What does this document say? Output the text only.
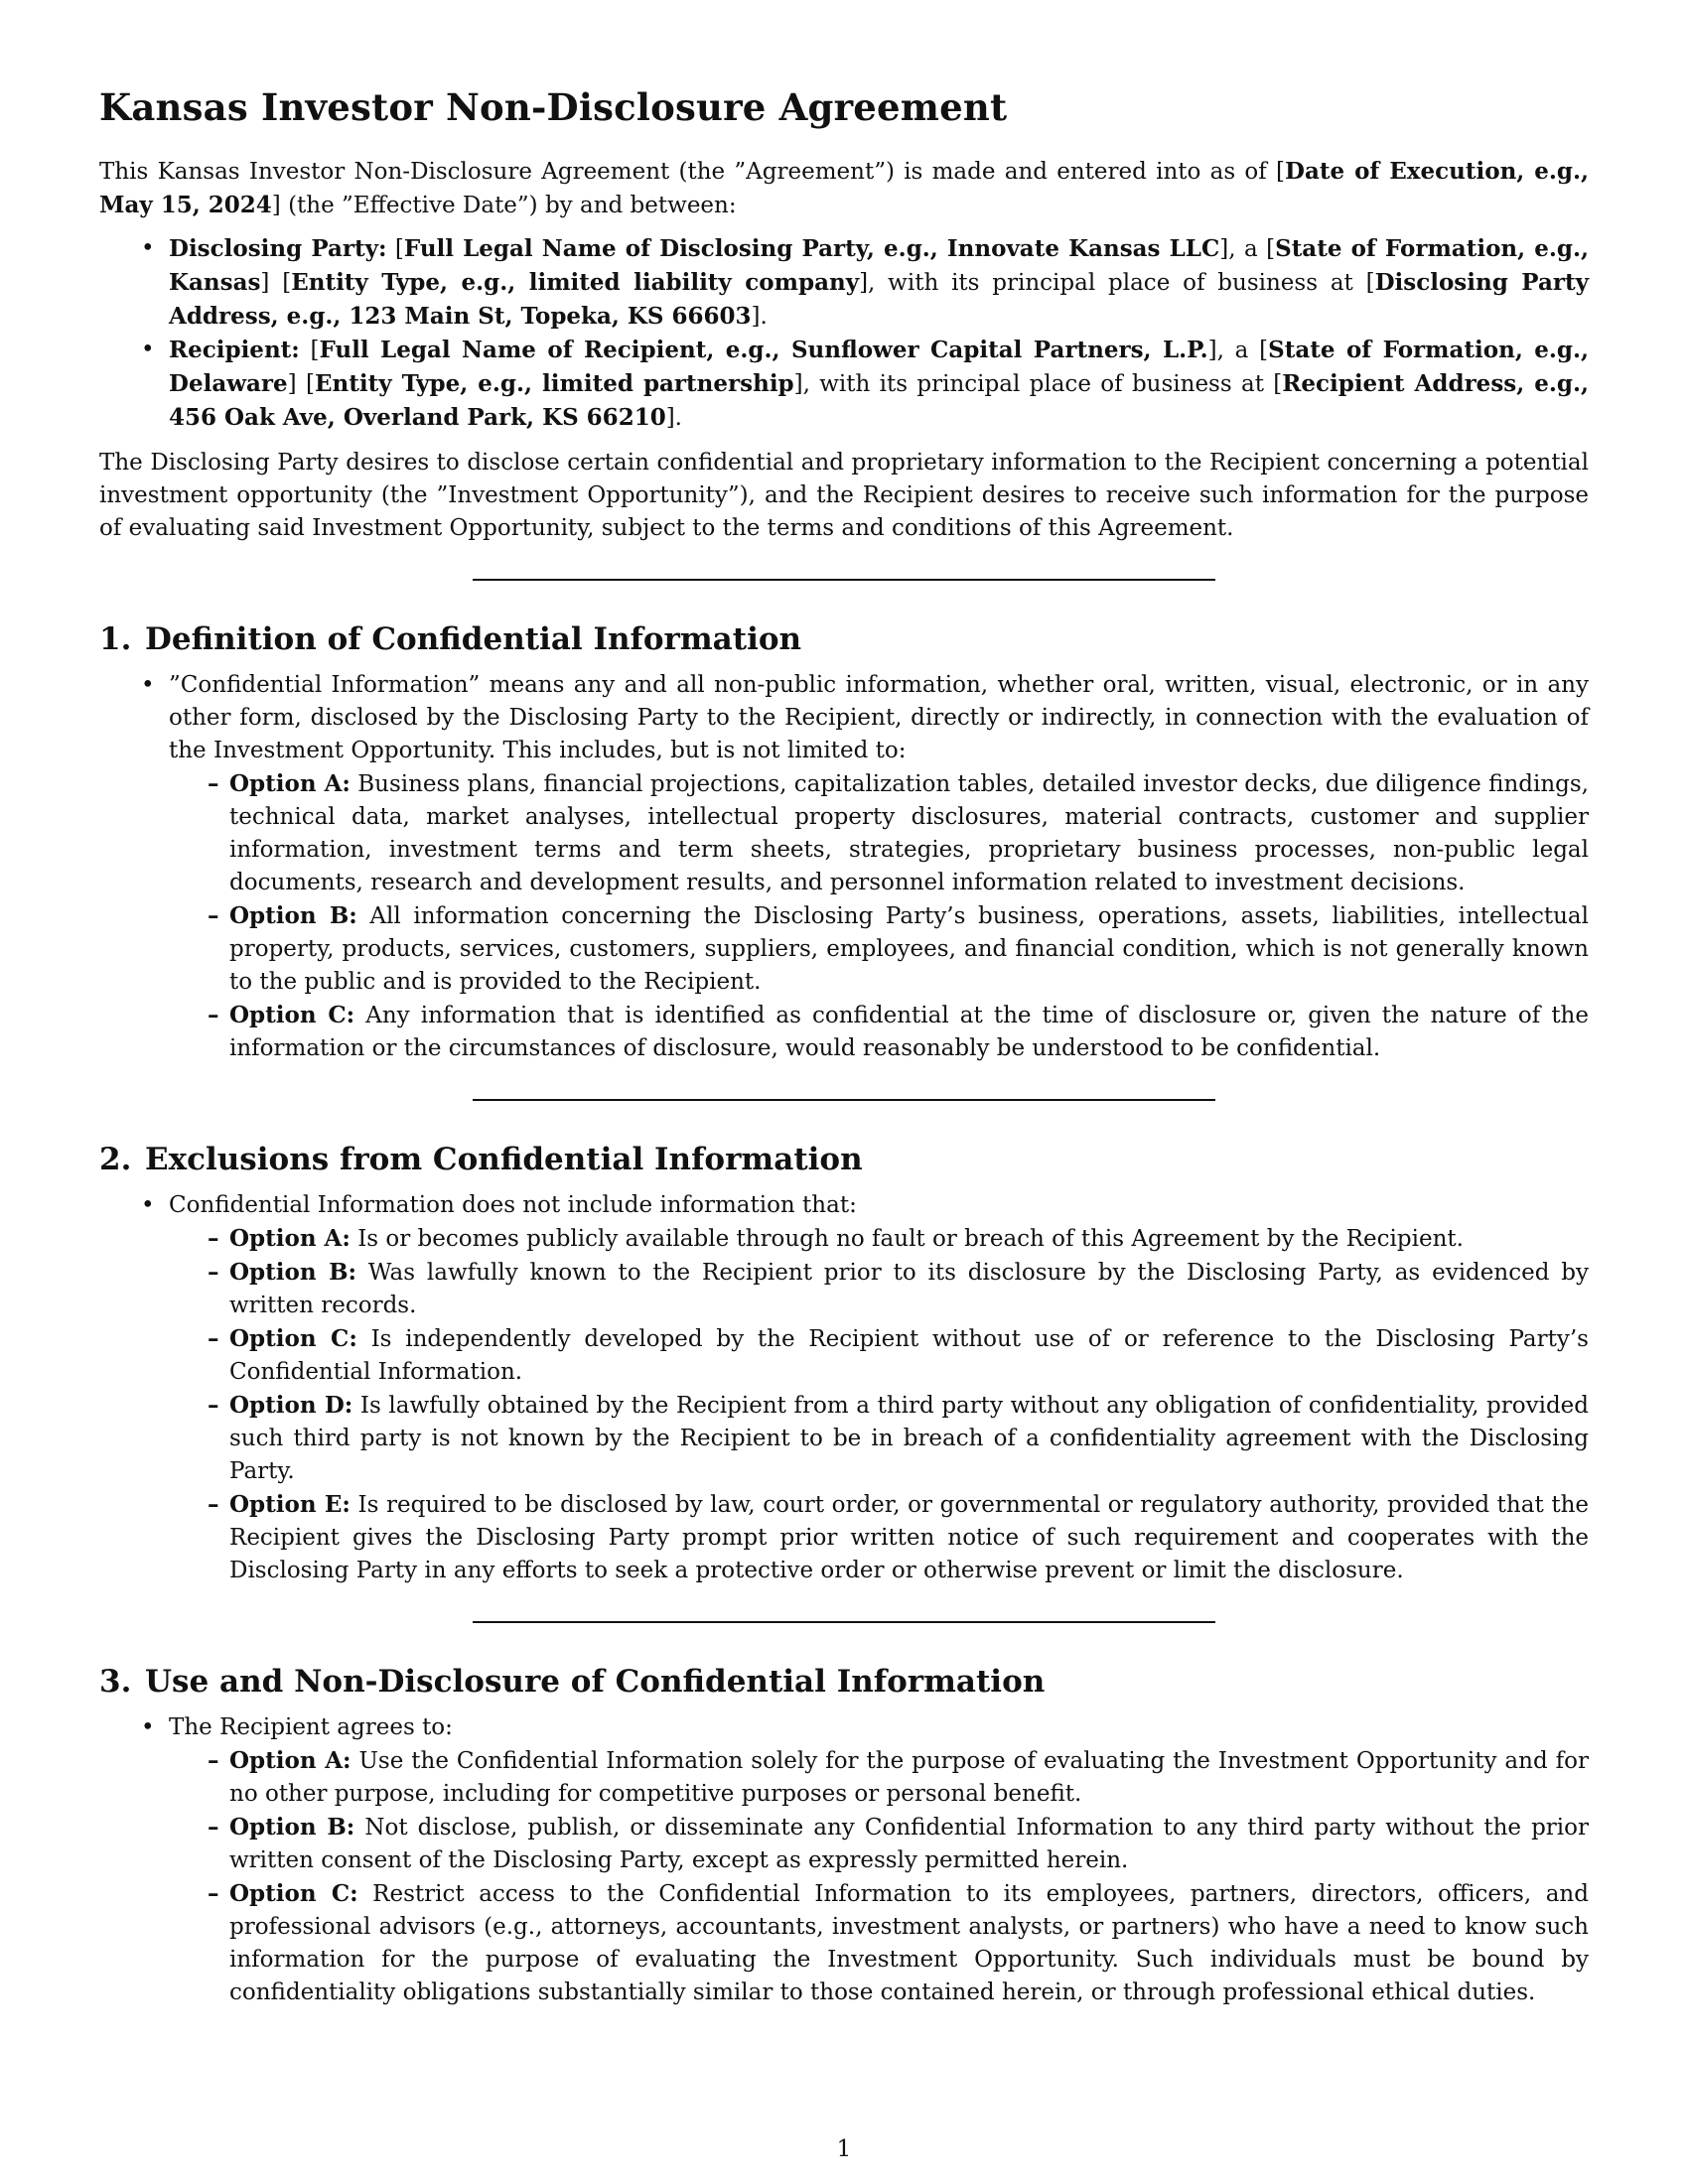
Kansas Investor Non-Disclosure Agreement

This Kansas Investor Non-Disclosure Agreement (the ”Agreement”) is made and entered into as of [Date of Execution, e.g., May 15, 2024] (the ”Effective Date”) by and between:

• Disclosing Party: [Full Legal Name of Disclosing Party, e.g., Innovate Kansas LLC], a [State of Formation, e.g., Kansas] [Entity Type, e.g., limited liability company], with its principal place of business at [Disclosing Party Address, e.g., 123 Main St, Topeka, KS 66603].
• Recipient: [Full Legal Name of Recipient, e.g., Sunflower Capital Partners, L.P.], a [State of Formation, e.g., Delaware] [Entity Type, e.g., limited partnership], with its principal place of business at [Recipient Address, e.g., 456 Oak Ave, Overland Park, KS 66210].

The Disclosing Party desires to disclose certain confidential and proprietary information to the Recipient concerning a potential investment opportunity (the ”Investment Opportunity”), and the Recipient desires to receive such information for the purpose of evaluating said Investment Opportunity, subject to the terms and conditions of this Agreement.

1. Definition of Confidential Information
• ”Confidential Information” means any and all non-public information, whether oral, written, visual, electronic, or in any other form, disclosed by the Disclosing Party to the Recipient, directly or indirectly, in connection with the evaluation of the Investment Opportunity. This includes, but is not limited to:
– Option A: Business plans, financial projections, capitalization tables, detailed investor decks, due diligence findings, technical data, market analyses, intellectual property disclosures, material contracts, customer and supplier information, investment terms and term sheets, strategies, proprietary business processes, non-public legal documents, research and development results, and personnel information related to investment decisions.
– Option B: All information concerning the Disclosing Party’s business, operations, assets, liabilities, intellectual property, products, services, customers, suppliers, employees, and financial condition, which is not generally known to the public and is provided to the Recipient.
– Option C: Any information that is identified as confidential at the time of disclosure or, given the nature of the information or the circumstances of disclosure, would reasonably be understood to be confidential.
2. Exclusions from Confidential Information
• Confidential Information does not include information that:
– Option A: Is or becomes publicly available through no fault or breach of this Agreement by the Recipient.
– Option B: Was lawfully known to the Recipient prior to its disclosure by the Disclosing Party, as evidenced by written records.
– Option C: Is independently developed by the Recipient without use of or reference to the Disclosing Party’s Confidential Information.
– Option D: Is lawfully obtained by the Recipient from a third party without any obligation of confidentiality, provided such third party is not known by the Recipient to be in breach of a confidentiality agreement with the Disclosing Party.
– Option E: Is required to be disclosed by law, court order, or governmental or regulatory authority, provided that the Recipient gives the Disclosing Party prompt prior written notice of such requirement and cooperates with the Disclosing Party in any efforts to seek a protective order or otherwise prevent or limit the disclosure.
3. Use and Non-Disclosure of Confidential Information
• The Recipient agrees to:
– Option A: Use the Confidential Information solely for the purpose of evaluating the Investment Opportunity and for no other purpose, including for competitive purposes or personal benefit.
– Option B: Not disclose, publish, or disseminate any Confidential Information to any third party without the prior written consent of the Disclosing Party, except as expressly permitted herein.
– Option C: Restrict access to the Confidential Information to its employees, partners, directors, officers, and professional advisors (e.g., attorneys, accountants, investment analysts, or partners) who have a need to know such information for the purpose of evaluating the Investment Opportunity. Such individuals must be bound by confidentiality obligations substantially similar to those contained herein, or through professional ethical duties.
1
